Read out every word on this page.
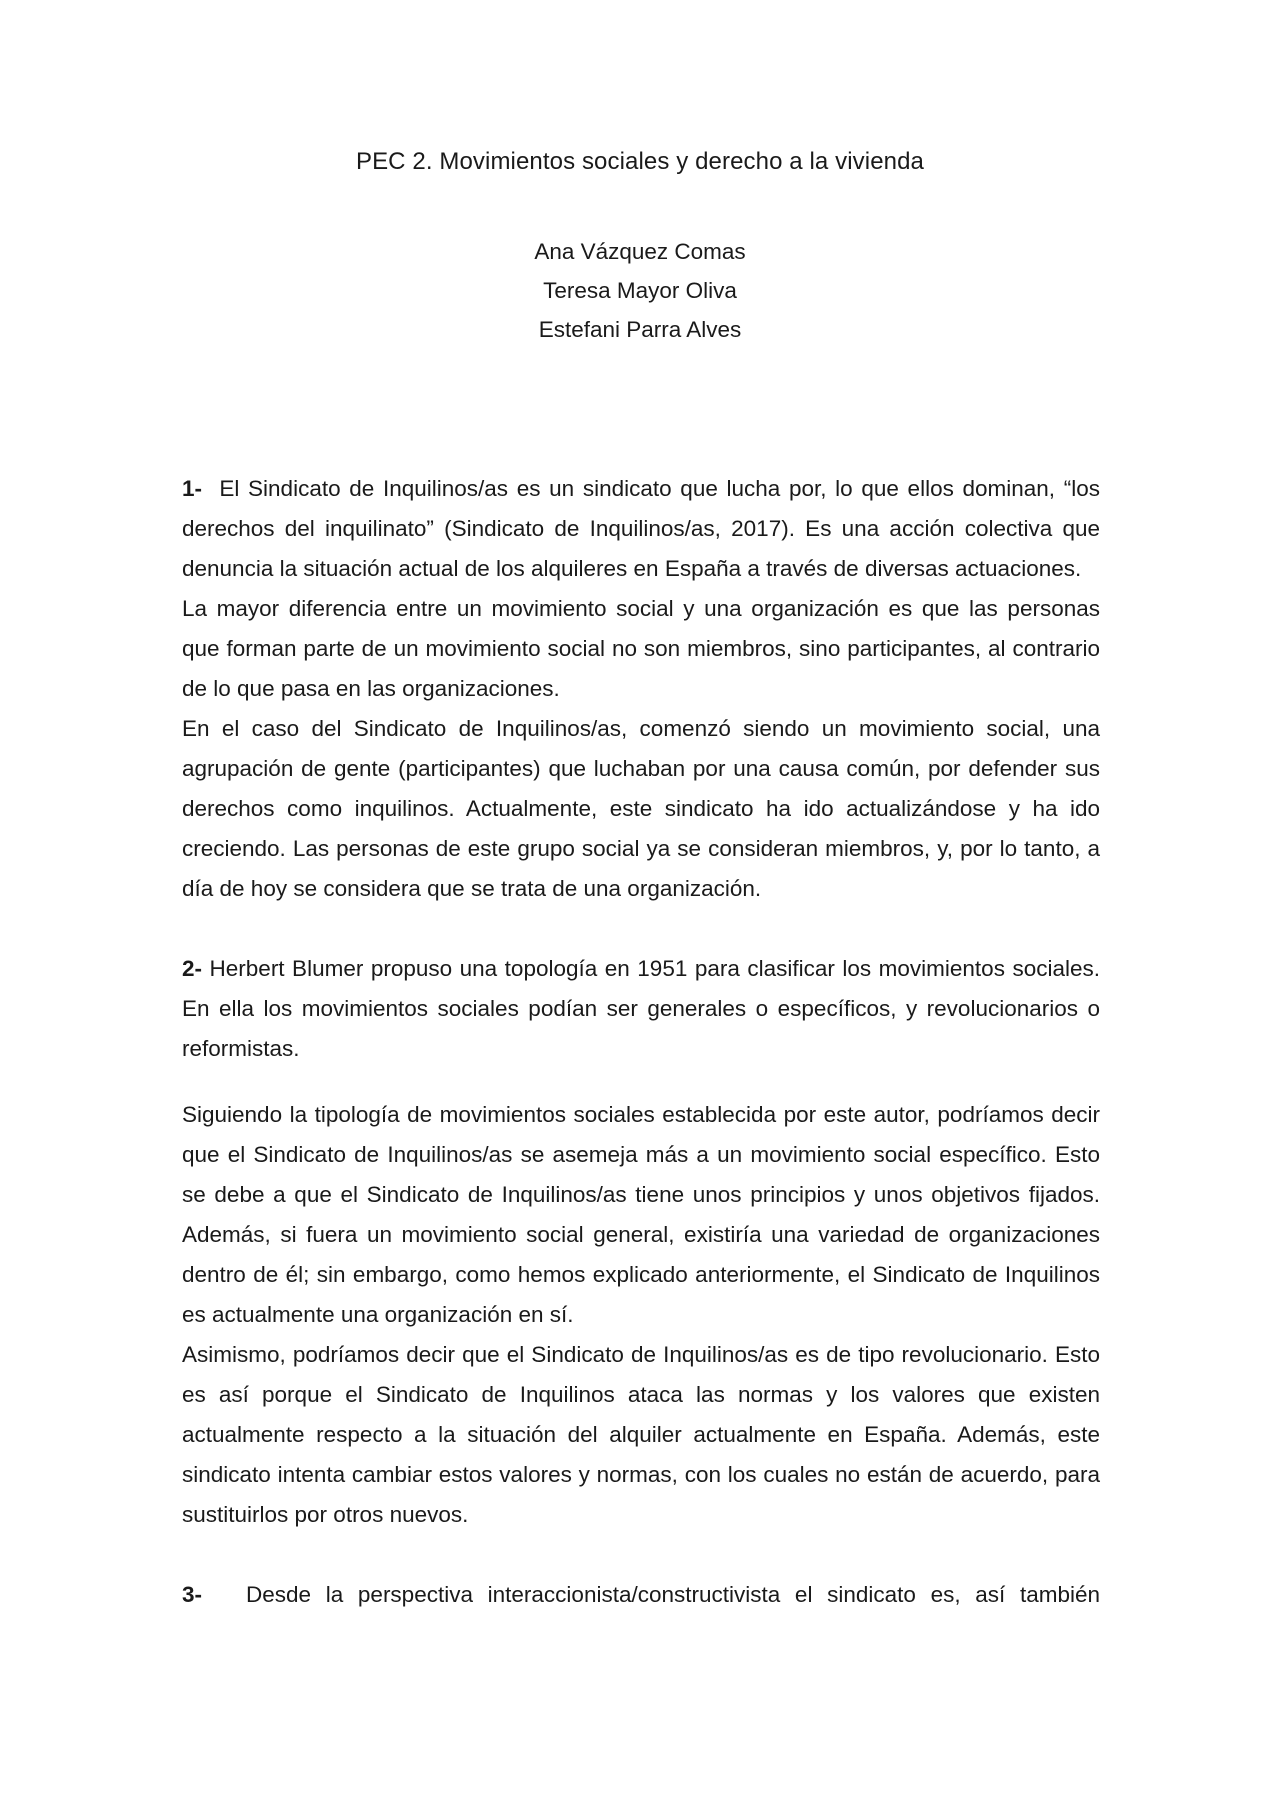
PEC 2. Movimientos sociales y derecho a la vivienda
Ana Vázquez Comas
Teresa Mayor Oliva
Estefani Parra Alves

1- El Sindicato de Inquilinos/as es un sindicato que lucha por, lo que ellos dominan, “los derechos del inquilinato” (Sindicato de Inquilinos/as, 2017). Es una acción colectiva que denuncia la situación actual de los alquileres en España a través de diversas actuaciones.

La mayor diferencia entre un movimiento social y una organización es que las personas que forman parte de un movimiento social no son miembros, sino participantes, al contrario de lo que pasa en las organizaciones.

En el caso del Sindicato de Inquilinos/as, comenzó siendo un movimiento social, una agrupación de gente (participantes) que luchaban por una causa común, por defender sus derechos como inquilinos. Actualmente, este sindicato ha ido actualizándose y ha ido creciendo. Las personas de este grupo social ya se consideran miembros, y, por lo tanto, a día de hoy se considera que se trata de una organización.

2- Herbert Blumer propuso una topología en 1951 para clasificar los movimientos sociales. En ella los movimientos sociales podían ser generales o específicos, y revolucionarios o reformistas.

Siguiendo la tipología de movimientos sociales establecida por este autor, podríamos decir que el Sindicato de Inquilinos/as se asemeja más a un movimiento social específico. Esto se debe a que el Sindicato de Inquilinos/as tiene unos principios y unos objetivos fijados. Además, si fuera un movimiento social general, existiría una variedad de organizaciones dentro de él; sin embargo, como hemos explicado anteriormente, el Sindicato de Inquilinos es actualmente una organización en sí.

Asimismo, podríamos decir que el Sindicato de Inquilinos/as es de tipo revolucionario. Esto es así porque el Sindicato de Inquilinos ataca las normas y los valores que existen actualmente respecto a la situación del alquiler actualmente en España. Además, este sindicato intenta cambiar estos valores y normas, con los cuales no están de acuerdo, para sustituirlos por otros nuevos.

3- Desde la perspectiva interaccionista/constructivista el sindicato es, así también
